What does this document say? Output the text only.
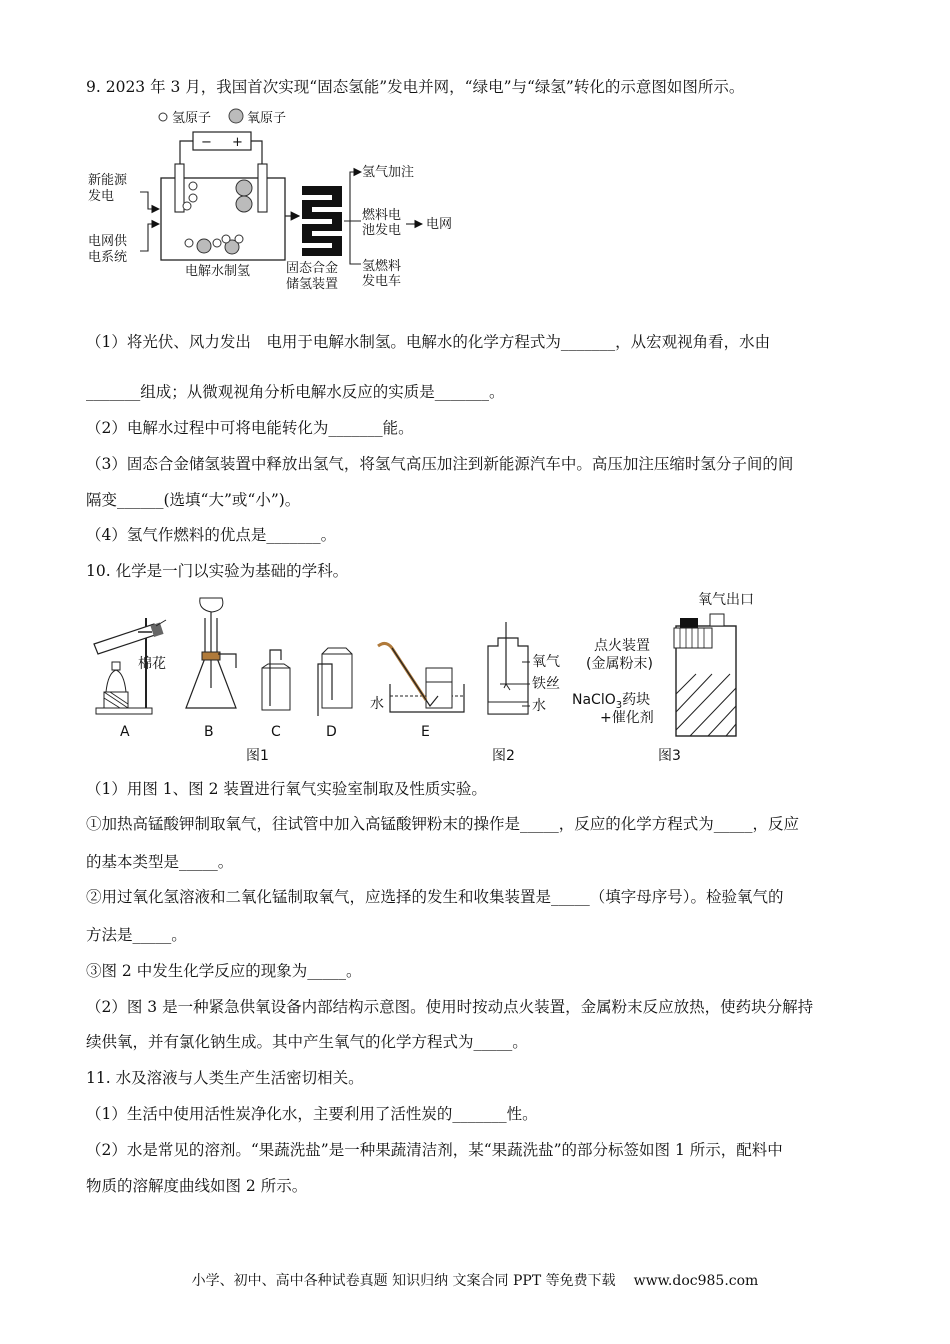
9. 2023 年 3 月，我国首次实现“固态氢能”发电并网，“绿电”与“绿氢”转化的示意图如图所示。
氢原子	氧原子
− +
电解水制氢
新能源
发电
电网供
电系统
固态合金
储氢装置
氢气加注
燃料电
池发电 电网
氢燃料
发电车
（1）将光伏、风力发出　电用于电解水制氢。电解水的化学方程式为_______，从宏观视角看，水由
_______组成；从微观视角分析电解水反应的实质是_______。
（2）电解水过程中可将电能转化为_______能。
（3）固态合金储氢装置中释放出氢气，将氢气高压加注到新能源汽车中。高压加注压缩时氢分子间的间
隔变______(选填“大”或“小”)。
（4）氢气作燃料的优点是_______。
10. 化学是一门以实验为基础的学科。
棉花
A	B	C	D
水
E
图1
氧气
铁丝
水
图2
氧气出口
点火装置
(金属粉末)
NaClO$_3$药块
+催化剂
图3
（1）用图 1、图 2 装置进行氧气实验室制取及性质实验。
①加热高锰酸钾制取氧气，往试管中加入高锰酸钾粉末的操作是_____，反应的化学方程式为_____，反应
的基本类型是_____。
②用过氧化氢溶液和二氧化锰制取氧气，应选择的发生和收集装置是_____（填字母序号）。检验氧气的
方法是_____。
③图 2 中发生化学反应的现象为_____。
（2）图 3 是一种紧急供氧设备内部结构示意图。使用时按动点火装置，金属粉末反应放热，使药块分解持
续供氧，并有氯化钠生成。其中产生氧气的化学方程式为_____。
11. 水及溶液与人类生产生活密切相关。
（1）生活中使用活性炭净化水，主要利用了活性炭的_______性。
（2）水是常见的溶剂。“果蔬洗盐”是一种果蔬清洁剂，某“果蔬洗盐”的部分标签如图 1 所示，配料中
物质的溶解度曲线如图 2 所示。
小学、初中、高中各种试卷真题 知识归纳 文案合同 PPT 等免费下载 www.doc985.com
